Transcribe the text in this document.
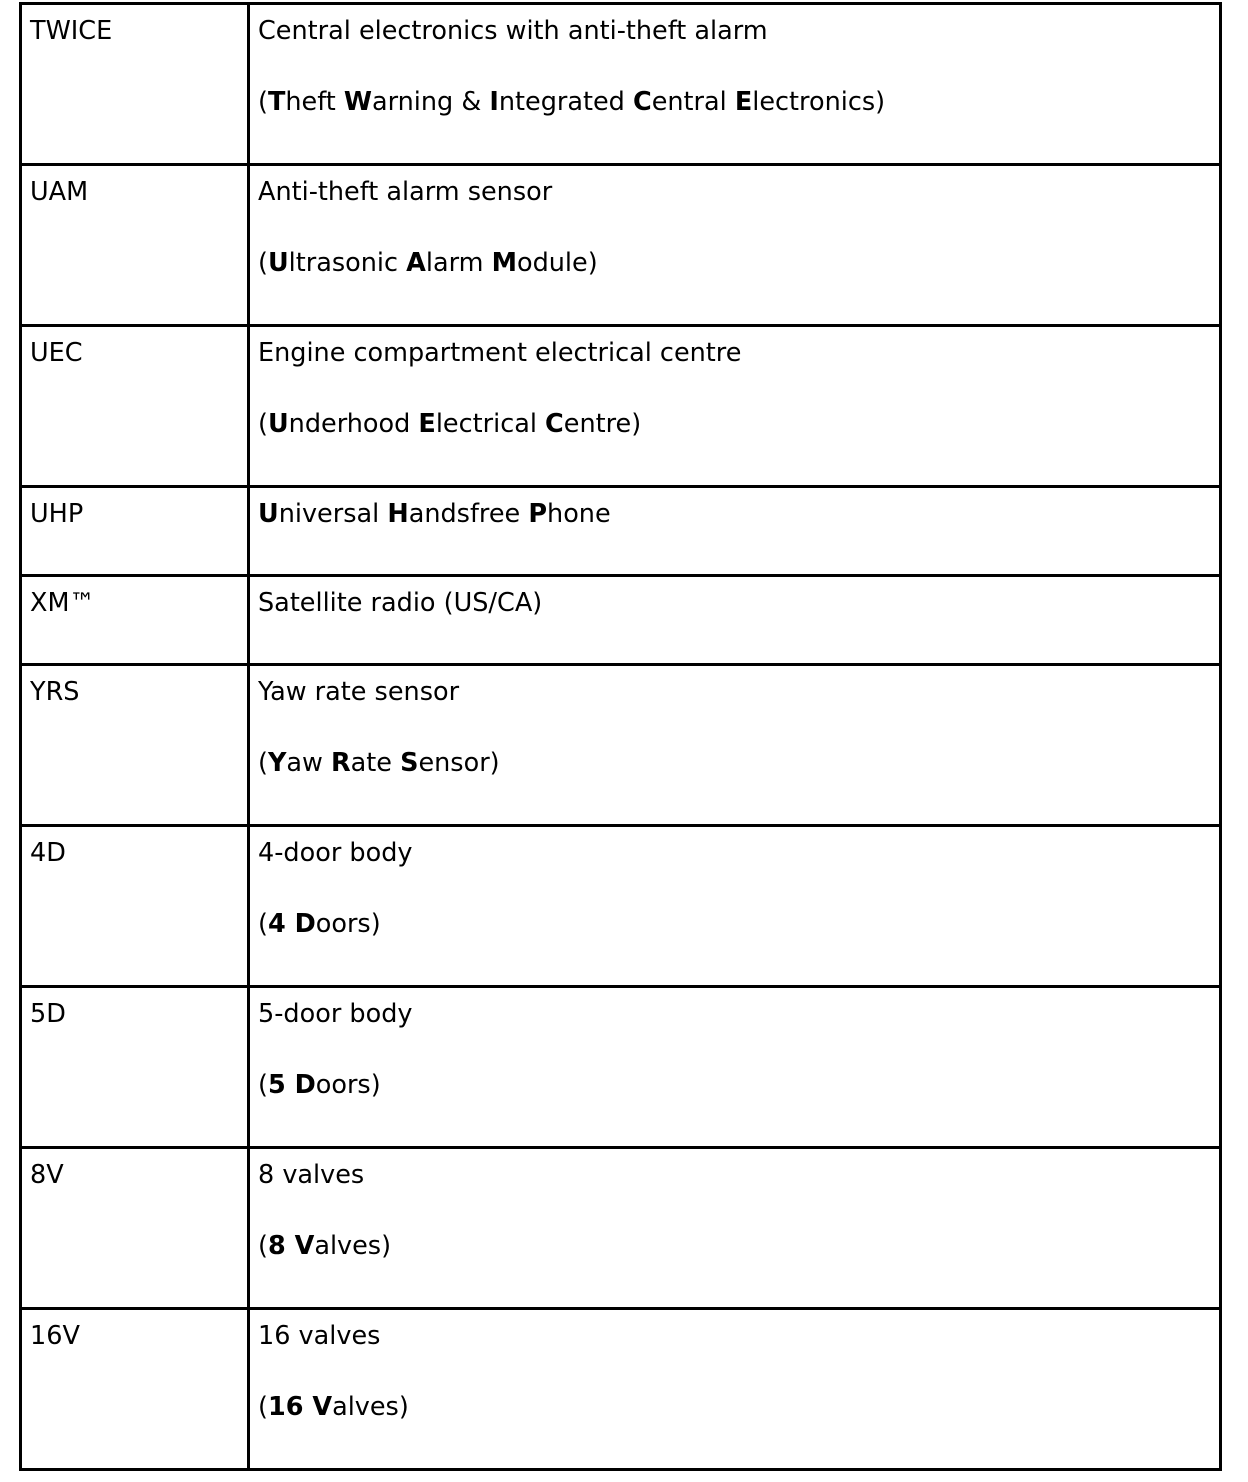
TWICE	Central electronics with anti-theft alarm
(Theft Warning & Integrated Central Electronics)

UAM	Anti-theft alarm sensor
(Ultrasonic Alarm Module)

UEC	Engine compartment electrical centre
(Underhood Electrical Centre)

UHP	Universal Handsfree Phone

XM™	Satellite radio (US/CA)

YRS	Yaw rate sensor
(Yaw Rate Sensor)

4D	4-door body
(4 Doors)

5D	5-door body
(5 Doors)

8V	8 valves
(8 Valves)

16V	16 valves
(16 Valves)
